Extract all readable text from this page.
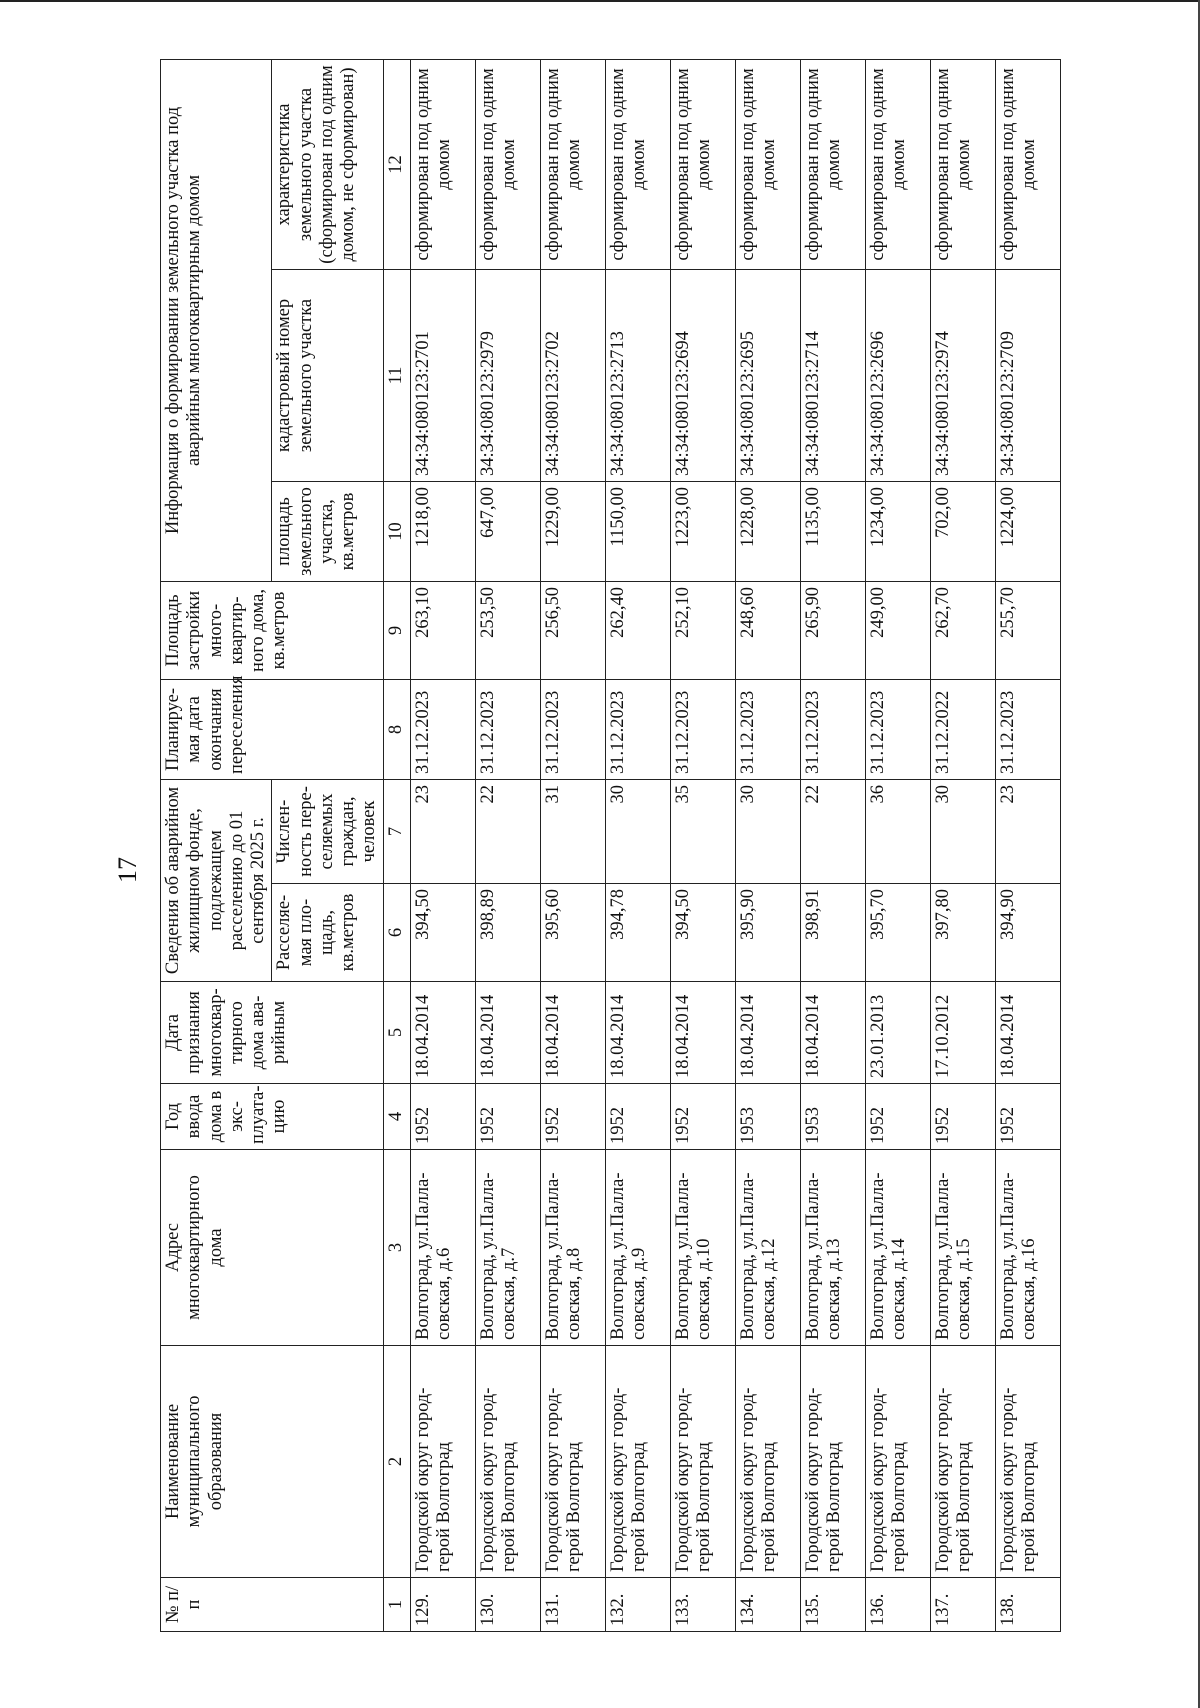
17
№ п/п	Наименование муниципального образования	Адрес многоквартирного дома	Год ввода дома в экс-плуата-цию	Дата признания многоквар-тирного дома ава-рийным	Сведения об аварийном жилищном фонде, подлежащем расселению до 01 сентября 2025 г.		Планируе-мая дата окончания переселения	Площадь застройки много-квартир-ного дома, кв.метров	Информация о формировании земельного участка под аварийным многоквартирным домом		
					Расселяе-мая пло-щадь, кв.метров	Числен-ность пере-селяемых граждан, человек			площадь земельного участка, кв.метров	кадастровый номер земельного участка	характеристика земельного участка (сформирован под одним домом, не сформирован)
1	2	3	4	5	6	7	8	9	10	11	12
129.	Городской округ город-герой Волгоград	Волгоград, ул.Палла-совская, д.6	1952	18.04.2014	394,50	23	31.12.2023	263,10	1218,00	34:34:080123:2701	сформирован под одним домом
130.	Городской округ город-герой Волгоград	Волгоград, ул.Палла-совская, д.7	1952	18.04.2014	398,89	22	31.12.2023	253,50	647,00	34:34:080123:2979	сформирован под одним домом
131.	Городской округ город-герой Волгоград	Волгоград, ул.Палла-совская, д.8	1952	18.04.2014	395,60	31	31.12.2023	256,50	1229,00	34:34:080123:2702	сформирован под одним домом
132.	Городской округ город-герой Волгоград	Волгоград, ул.Палла-совская, д.9	1952	18.04.2014	394,78	30	31.12.2023	262,40	1150,00	34:34:080123:2713	сформирован под одним домом
133.	Городской округ город-герой Волгоград	Волгоград, ул.Палла-совская, д.10	1952	18.04.2014	394,50	35	31.12.2023	252,10	1223,00	34:34:080123:2694	сформирован под одним домом
134.	Городской округ город-герой Волгоград	Волгоград, ул.Палла-совская, д.12	1953	18.04.2014	395,90	30	31.12.2023	248,60	1228,00	34:34:080123:2695	сформирован под одним домом
135.	Городской округ город-герой Волгоград	Волгоград, ул.Палла-совская, д.13	1953	18.04.2014	398,91	22	31.12.2023	265,90	1135,00	34:34:080123:2714	сформирован под одним домом
136.	Городской округ город-герой Волгоград	Волгоград, ул.Палла-совская, д.14	1952	23.01.2013	395,70	36	31.12.2023	249,00	1234,00	34:34:080123:2696	сформирован под одним домом
137.	Городской округ город-герой Волгоград	Волгоград, ул.Палла-совская, д.15	1952	17.10.2012	397,80	30	31.12.2022	262,70	702,00	34:34:080123:2974	сформирован под одним домом
138.	Городской округ город-герой Волгоград	Волгоград, ул.Палла-совская, д.16	1952	18.04.2014	394,90	23	31.12.2023	255,70	1224,00	34:34:080123:2709	сформирован под одним домом
